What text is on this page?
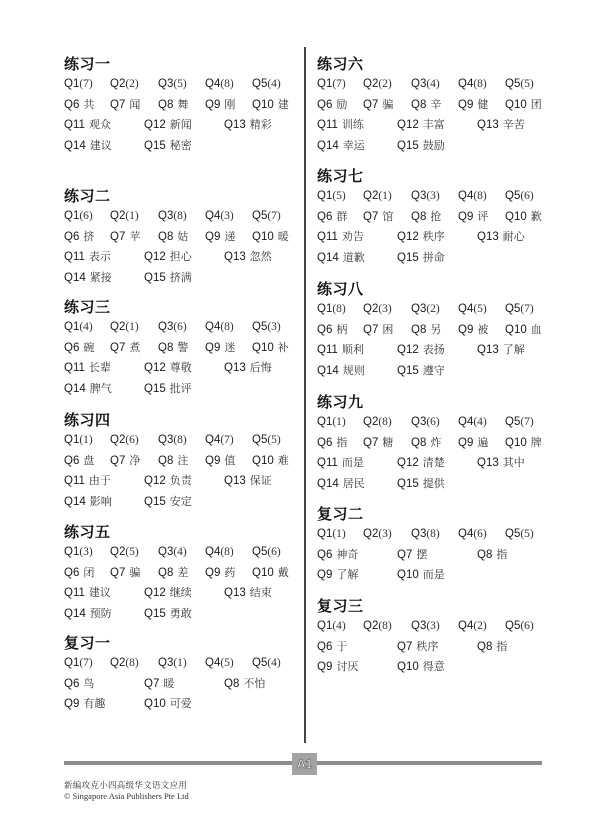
练习一
Q1(7) Q2(2) Q3(5) Q4(8) Q5(4)
Q6 共 Q7 闻 Q8 舞 Q9 刚 Q10 建
Q11 观众	Q12 新闻	Q13 精彩
Q14 建议	Q15 秘密
练习二
Q1(6) Q2(1) Q3(8) Q4(3) Q5(7)
Q6 挤 Q7 苹 Q8 姑 Q9 递 Q10 暖
Q11 表示	Q12 担心	Q13 忽然
Q14 紧接	Q15 挤满
练习三
Q1(4) Q2(1) Q3(6) Q4(8) Q5(3)
Q6 碗 Q7 煮 Q8 警 Q9 迷 Q10 补
Q11 长辈	Q12 尊敬	Q13 后悔
Q14 脾气	Q15 批评
练习四
Q1(1) Q2(6) Q3(8) Q4(7) Q5(5)
Q6 盘 Q7 净 Q8 注 Q9 值 Q10 难
Q11 由于	Q12 负责	Q13 保证
Q14 影响	Q15 安定
练习五
Q1(3) Q2(5) Q3(4) Q4(8) Q5(6)
Q6 闭 Q7 骗 Q8 差 Q9 药 Q10 戴
Q11 建议	Q12 继续	Q13 结束
Q14 预防	Q15 勇敢
复习一
Q1(7) Q2(8) Q3(1) Q4(5) Q5(4)
Q6 鸟	Q7 暖	Q8 不怕
Q9 有趣	Q10 可爱
练习六
Q1(7) Q2(2) Q3(4) Q4(8) Q5(5)
Q6 励 Q7 骗 Q8 辛 Q9 健 Q10 团
Q11 训练	Q12 丰富	Q13 辛苦
Q14 幸运	Q15 鼓励
练习七
Q1(5) Q2(1) Q3(3) Q4(8) Q5(6)
Q6 群 Q7 馆 Q8 抢 Q9 评 Q10 歉
Q11 劝告	Q12 秩序	Q13 耐心
Q14 道歉	Q15 拼命
练习八
Q1(8) Q2(3) Q3(2) Q4(5) Q5(7)
Q6 柄 Q7 困 Q8 另 Q9 被 Q10 血
Q11 顺利	Q12 表扬	Q13 了解
Q14 规则	Q15 遵守
练习九
Q1(1) Q2(8) Q3(6) Q4(4) Q5(7)
Q6 指 Q7 糖 Q8 炸 Q9 遍 Q10 牌
Q11 而是	Q12 清楚	Q13 其中
Q14 居民	Q15 提供
复习二
Q1(1) Q2(3) Q3(8) Q4(6) Q5(5)
Q6 神奇	Q7 摆	Q8 指
Q9 了解	Q10 而是
复习三
Q1(4) Q2(8) Q3(3) Q4(2) Q5(6)
Q6 于	Q7 秩序	Q8 指
Q9 讨厌	Q10 得意
A1
新编攻克小四高级华文语文应用
© Singapore Asia Publishers Pte Ltd
